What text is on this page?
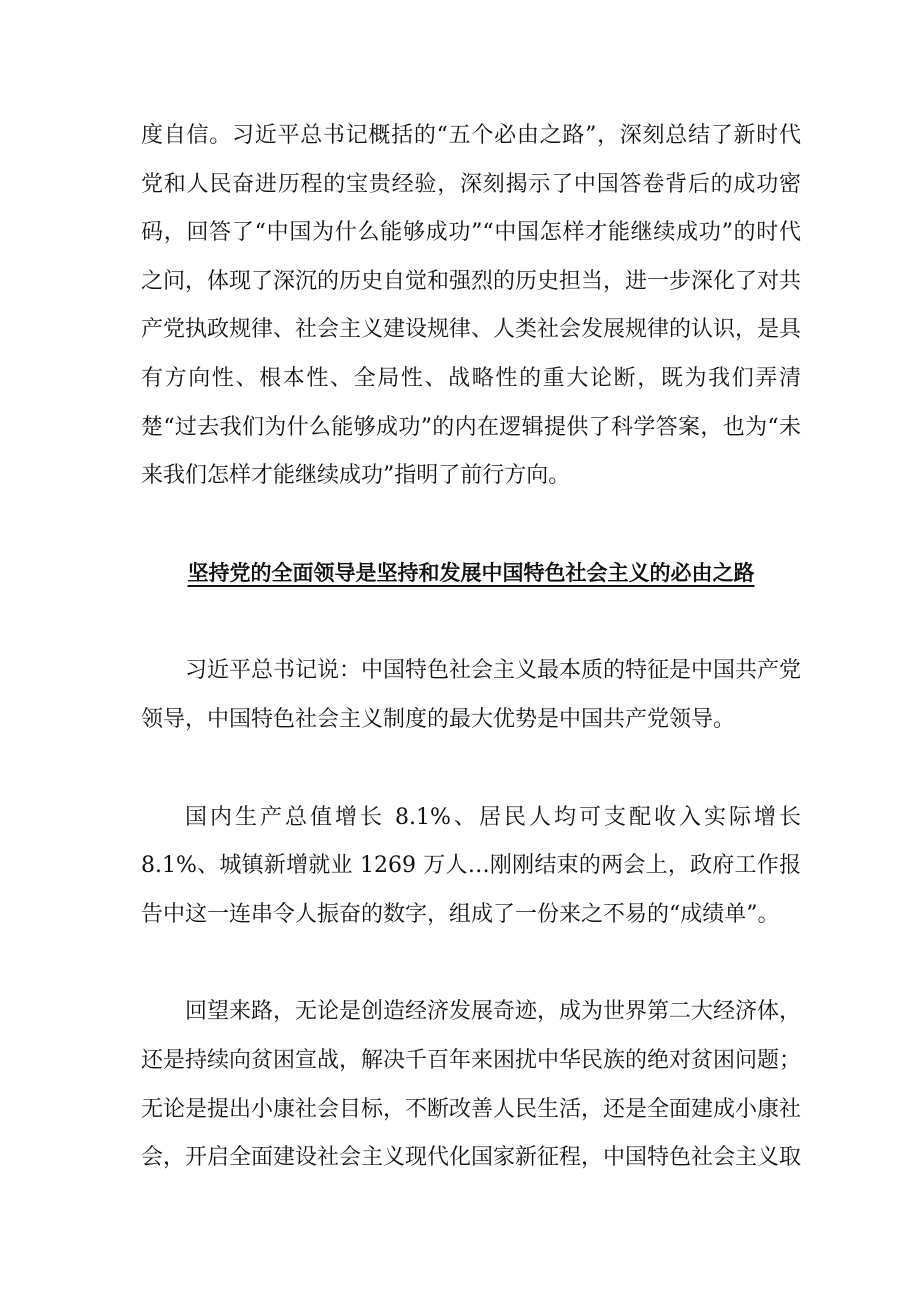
度自信。习近平总书记概括的“五个必由之路”，深刻总结了新时代党和人民奋进历程的宝贵经验，深刻揭示了中国答卷背后的成功密码，回答了“中国为什么能够成功”“中国怎样才能继续成功”的时代之问，体现了深沉的历史自觉和强烈的历史担当，进一步深化了对共产党执政规律、社会主义建设规律、人类社会发展规律的认识，是具有方向性、根本性、全局性、战略性的重大论断，既为我们弄清楚“过去我们为什么能够成功”的内在逻辑提供了科学答案，也为“未来我们怎样才能继续成功”指明了前行方向。

坚持党的全面领导是坚持和发展中国特色社会主义的必由之路

习近平总书记说：中国特色社会主义最本质的特征是中国共产党领导，中国特色社会主义制度的最大优势是中国共产党领导。

国内生产总值增长 8.1%、居民人均可支配收入实际增长 8.1%、城镇新增就业 1269 万人…刚刚结束的两会上，政府工作报告中这一连串令人振奋的数字，组成了一份来之不易的“成绩单”。

回望来路，无论是创造经济发展奇迹，成为世界第二大经济体，还是持续向贫困宣战，解决千百年来困扰中华民族的绝对贫困问题；无论是提出小康社会目标，不断改善人民生活，还是全面建成小康社会，开启全面建设社会主义现代化国家新征程，中国特色社会主义取
